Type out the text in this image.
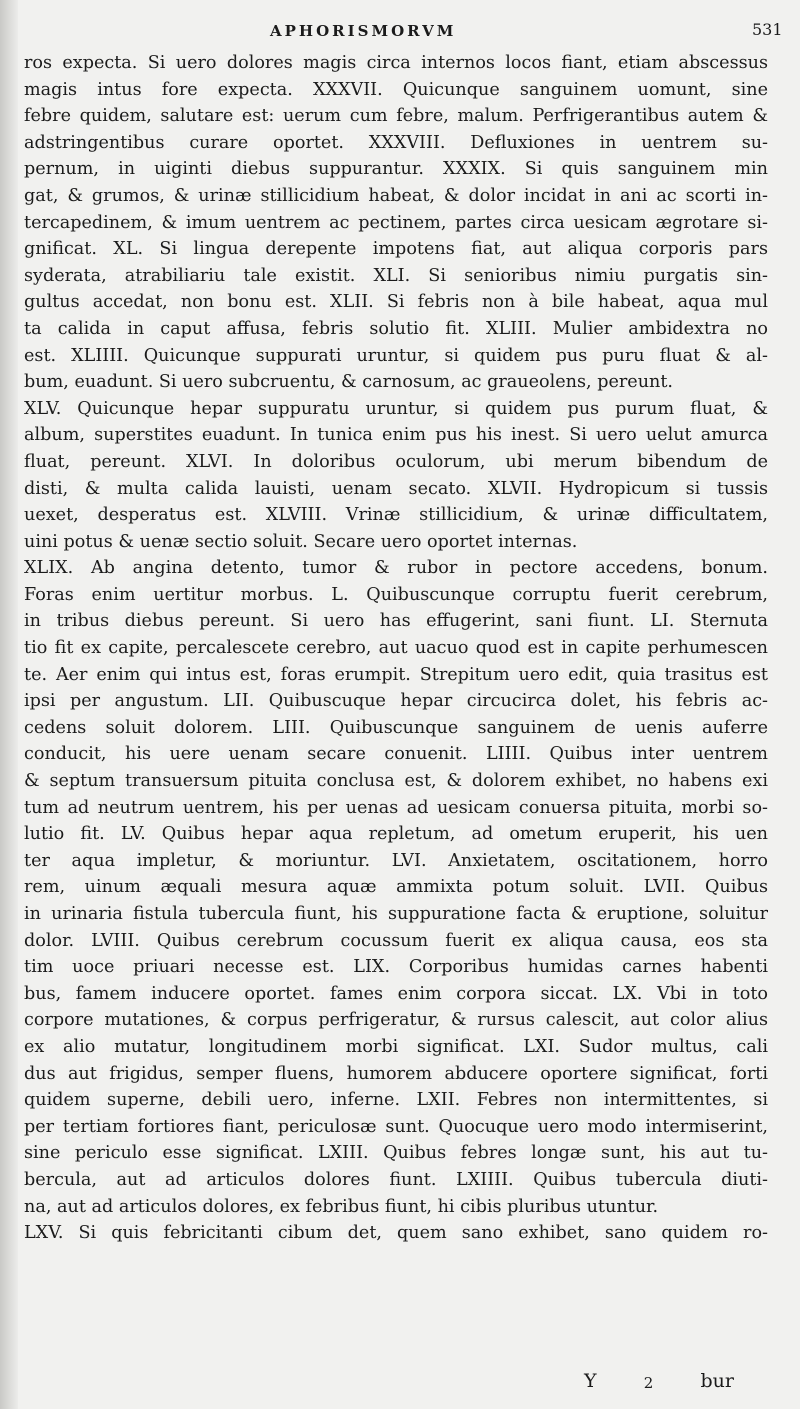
APHORISMORVM	531
ros expecta. Si uero dolores magis circa internos locos fiant, etiam abscessus
magis intus fore expecta. XXXVII. Quicunque sanguinem uomunt, sine
febre quidem, salutare est: uerum cum febre, malum. Perfrigerantibus autem &
adstringentibus curare oportet. XXXVIII. Defluxiones in uentrem su-
pernum, in uiginti diebus suppurantur. XXXIX. Si quis sanguinem min
gat, & grumos, & urinæ stillicidium habeat, & dolor incidat in ani ac scorti in-
tercapedinem, & imum uentrem ac pectinem, partes circa uesicam ægrotare si-
gnificat. XL. Si lingua derepente impotens fiat, aut aliqua corporis pars
syderata, atrabiliariu tale existit. XLI. Si senioribus nimiu purgatis sin-
gultus accedat, non bonu est. XLII. Si febris non à bile habeat, aqua mul
ta calida in caput affusa, febris solutio fit. XLIII. Mulier ambidextra no
est. XLIIII. Quicunque suppurati uruntur, si quidem pus puru fluat & al-
bum, euadunt. Si uero subcruentu, & carnosum, ac graueolens, pereunt.
XLV. Quicunque hepar suppuratu uruntur, si quidem pus purum fluat, &
album, superstites euadunt. In tunica enim pus his inest. Si uero uelut amurca
fluat, pereunt. XLVI. In doloribus oculorum, ubi merum bibendum de
disti, & multa calida lauisti, uenam secato. XLVII. Hydropicum si tussis
uexet, desperatus est. XLVIII. Vrinæ stillicidium, & urinæ difficultatem,
uini potus & uenæ sectio soluit. Secare uero oportet internas.
XLIX. Ab angina detento, tumor & rubor in pectore accedens, bonum.
Foras enim uertitur morbus. L. Quibuscunque corruptu fuerit cerebrum,
in tribus diebus pereunt. Si uero has effugerint, sani fiunt. LI. Sternuta
tio fit ex capite, percalescete cerebro, aut uacuo quod est in capite perhumescen
te. Aer enim qui intus est, foras erumpit. Strepitum uero edit, quia trasitus est
ipsi per angustum. LII. Quibuscuque hepar circucirca dolet, his febris ac-
cedens soluit dolorem. LIII. Quibuscunque sanguinem de uenis auferre
conducit, his uere uenam secare conuenit. LIIII. Quibus inter uentrem
& septum transuersum pituita conclusa est, & dolorem exhibet, no habens exi
tum ad neutrum uentrem, his per uenas ad uesicam conuersa pituita, morbi so-
lutio fit. LV. Quibus hepar aqua repletum, ad ometum eruperit, his uen
ter aqua impletur, & moriuntur. LVI. Anxietatem, oscitationem, horro
rem, uinum æquali mesura aquæ ammixta potum soluit. LVII. Quibus
in urinaria fistula tubercula fiunt, his suppuratione facta & eruptione, soluitur
dolor. LVIII. Quibus cerebrum cocussum fuerit ex aliqua causa, eos sta
tim uoce priuari necesse est. LIX. Corporibus humidas carnes habenti
bus, famem inducere oportet. fames enim corpora siccat. LX. Vbi in toto
corpore mutationes, & corpus perfrigeratur, & rursus calescit, aut color alius
ex alio mutatur, longitudinem morbi significat. LXI. Sudor multus, cali
dus aut frigidus, semper fluens, humorem abducere oportere significat, forti
quidem superne, debili uero, inferne. LXII. Febres non intermittentes, si
per tertiam fortiores fiant, periculosæ sunt. Quocuque uero modo intermiserint,
sine periculo esse significat. LXIII. Quibus febres longæ sunt, his aut tu-
bercula, aut ad articulos dolores fiunt. LXIIII. Quibus tubercula diuti-
na, aut ad articulos dolores, ex febribus fiunt, hi cibis pluribus utuntur.
LXV. Si quis febricitanti cibum det, quem sano exhibet, sano quidem ro-
Y	2 bur
